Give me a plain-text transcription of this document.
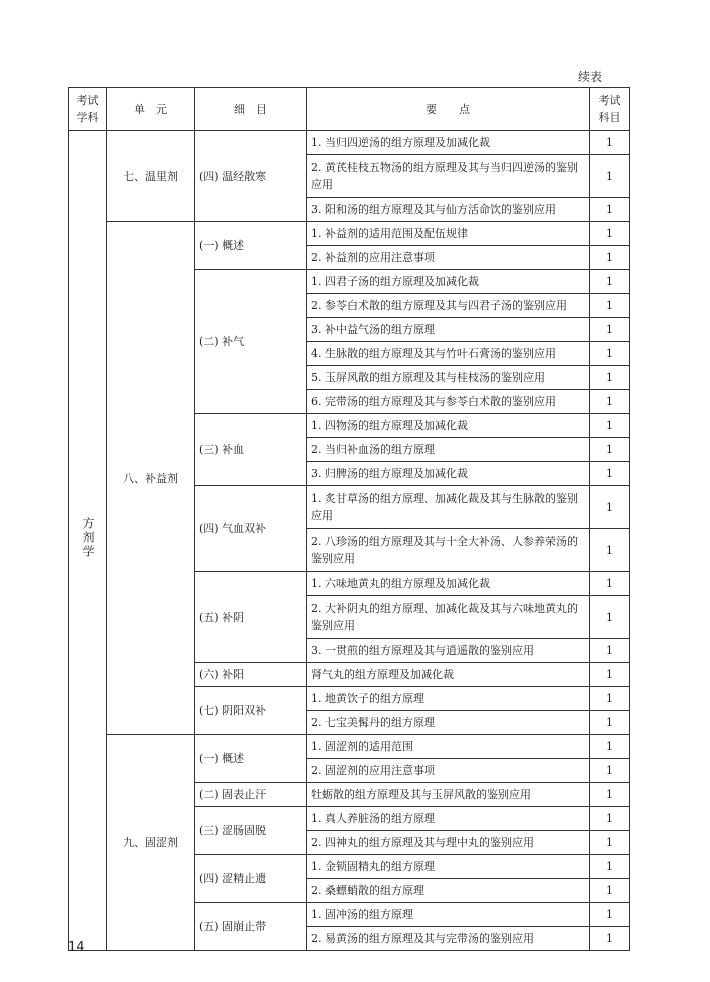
续表
考试学科	单　元	细　目	要　　点	考试科目
方剂学	七、温里剂	(四) 温经散寒	1. 当归四逆汤的组方原理及加减化裁	1
			2. 黄芪桂枝五物汤的组方原理及其与当归四逆汤的鉴别应用	1
			3. 阳和汤的组方原理及其与仙方活命饮的鉴别应用	1
	八、补益剂	(一) 概述	1. 补益剂的适用范围及配伍规律	1
			2. 补益剂的应用注意事项	1
		(二) 补气	1. 四君子汤的组方原理及加减化裁	1
			2. 参苓白术散的组方原理及其与四君子汤的鉴别应用	1
			3. 补中益气汤的组方原理	1
			4. 生脉散的组方原理及其与竹叶石膏汤的鉴别应用	1
			5. 玉屏风散的组方原理及其与桂枝汤的鉴别应用	1
			6. 完带汤的组方原理及其与参苓白术散的鉴别应用	1
		(三) 补血	1. 四物汤的组方原理及加减化裁	1
			2. 当归补血汤的组方原理	1
			3. 归脾汤的组方原理及加减化裁	1
		(四) 气血双补	1. 炙甘草汤的组方原理、加减化裁及其与生脉散的鉴别应用	1
			2. 八珍汤的组方原理及其与十全大补汤、人参养荣汤的鉴别应用	1
		(五) 补阴	1. 六味地黄丸的组方原理及加减化裁	1
			2. 大补阴丸的组方原理、加减化裁及其与六味地黄丸的鉴别应用	1
			3. 一贯煎的组方原理及其与逍遥散的鉴别应用	1
		(六) 补阳	肾气丸的组方原理及加减化裁	1
		(七) 阴阳双补	1. 地黄饮子的组方原理	1
			2. 七宝美髯丹的组方原理	1
	九、固涩剂	(一) 概述	1. 固涩剂的适用范围	1
			2. 固涩剂的应用注意事项	1
		(二) 固表止汗	牡蛎散的组方原理及其与玉屏风散的鉴别应用	1
		(三) 涩肠固脱	1. 真人养脏汤的组方原理	1
			2. 四神丸的组方原理及其与理中丸的鉴别应用	1
		(四) 涩精止遗	1. 金锁固精丸的组方原理	1
			2. 桑螵蛸散的组方原理	1
		(五) 固崩止带	1. 固冲汤的组方原理	1
			2. 易黄汤的组方原理及其与完带汤的鉴别应用	1
14
